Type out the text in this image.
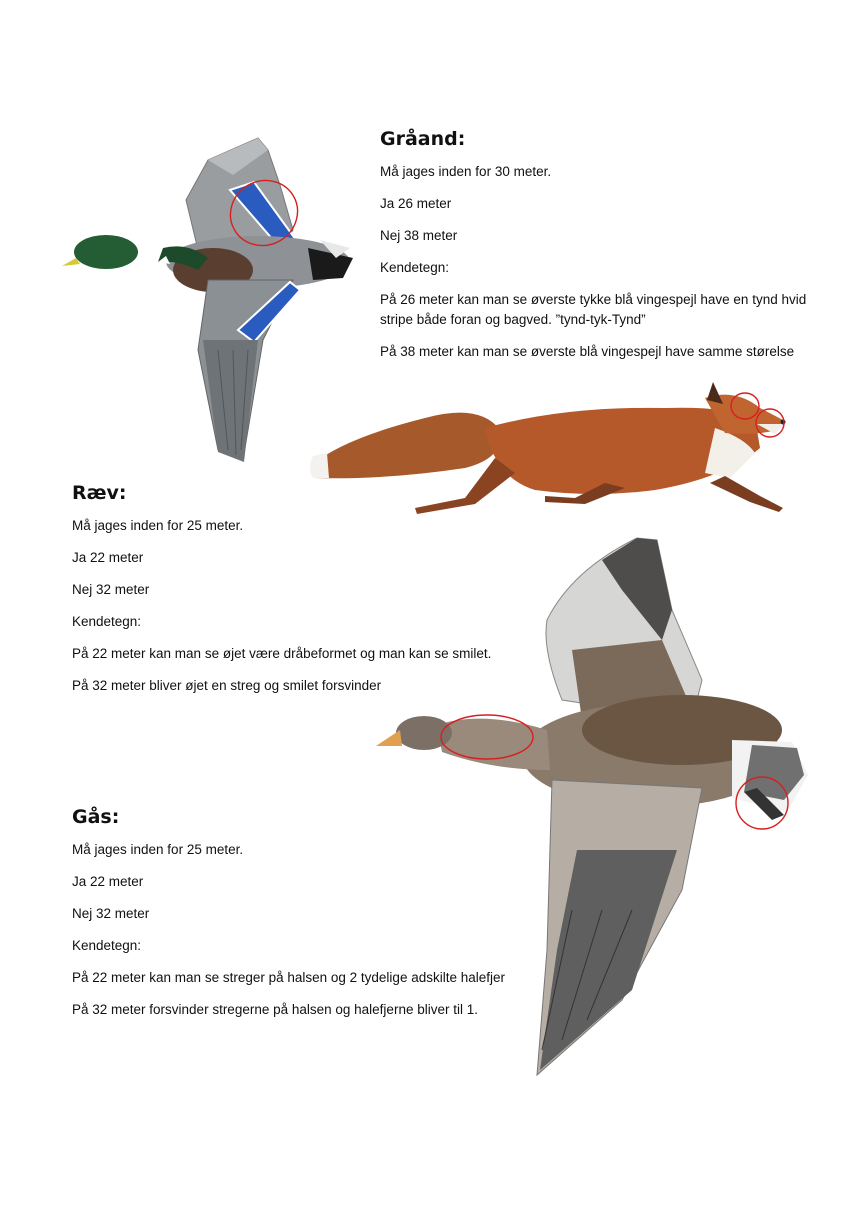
Gråand:

Må jages inden for 30 meter.

Ja 26 meter

Nej 38 meter

Kendetegn:

På 26 meter kan man se øverste tykke blå vingespejl have en tynd hvid stripe både foran og bagved. ”tynd-tyk-Tynd”

På 38 meter kan man se øverste blå vingespejl have samme størelse

Ræv:

Må jages inden for 25 meter.

Ja 22 meter

Nej 32 meter

Kendetegn:

På 22 meter kan man se øjet være dråbeformet og man kan se smilet.

På 32 meter bliver øjet en streg og smilet forsvinder

Gås:

Må jages inden for 25 meter.

Ja 22 meter

Nej 32 meter

Kendetegn:

På 22 meter kan man se streger på halsen og 2 tydelige adskilte halefjer

På 32 meter forsvinder stregerne på halsen og halefjerne bliver til 1.
